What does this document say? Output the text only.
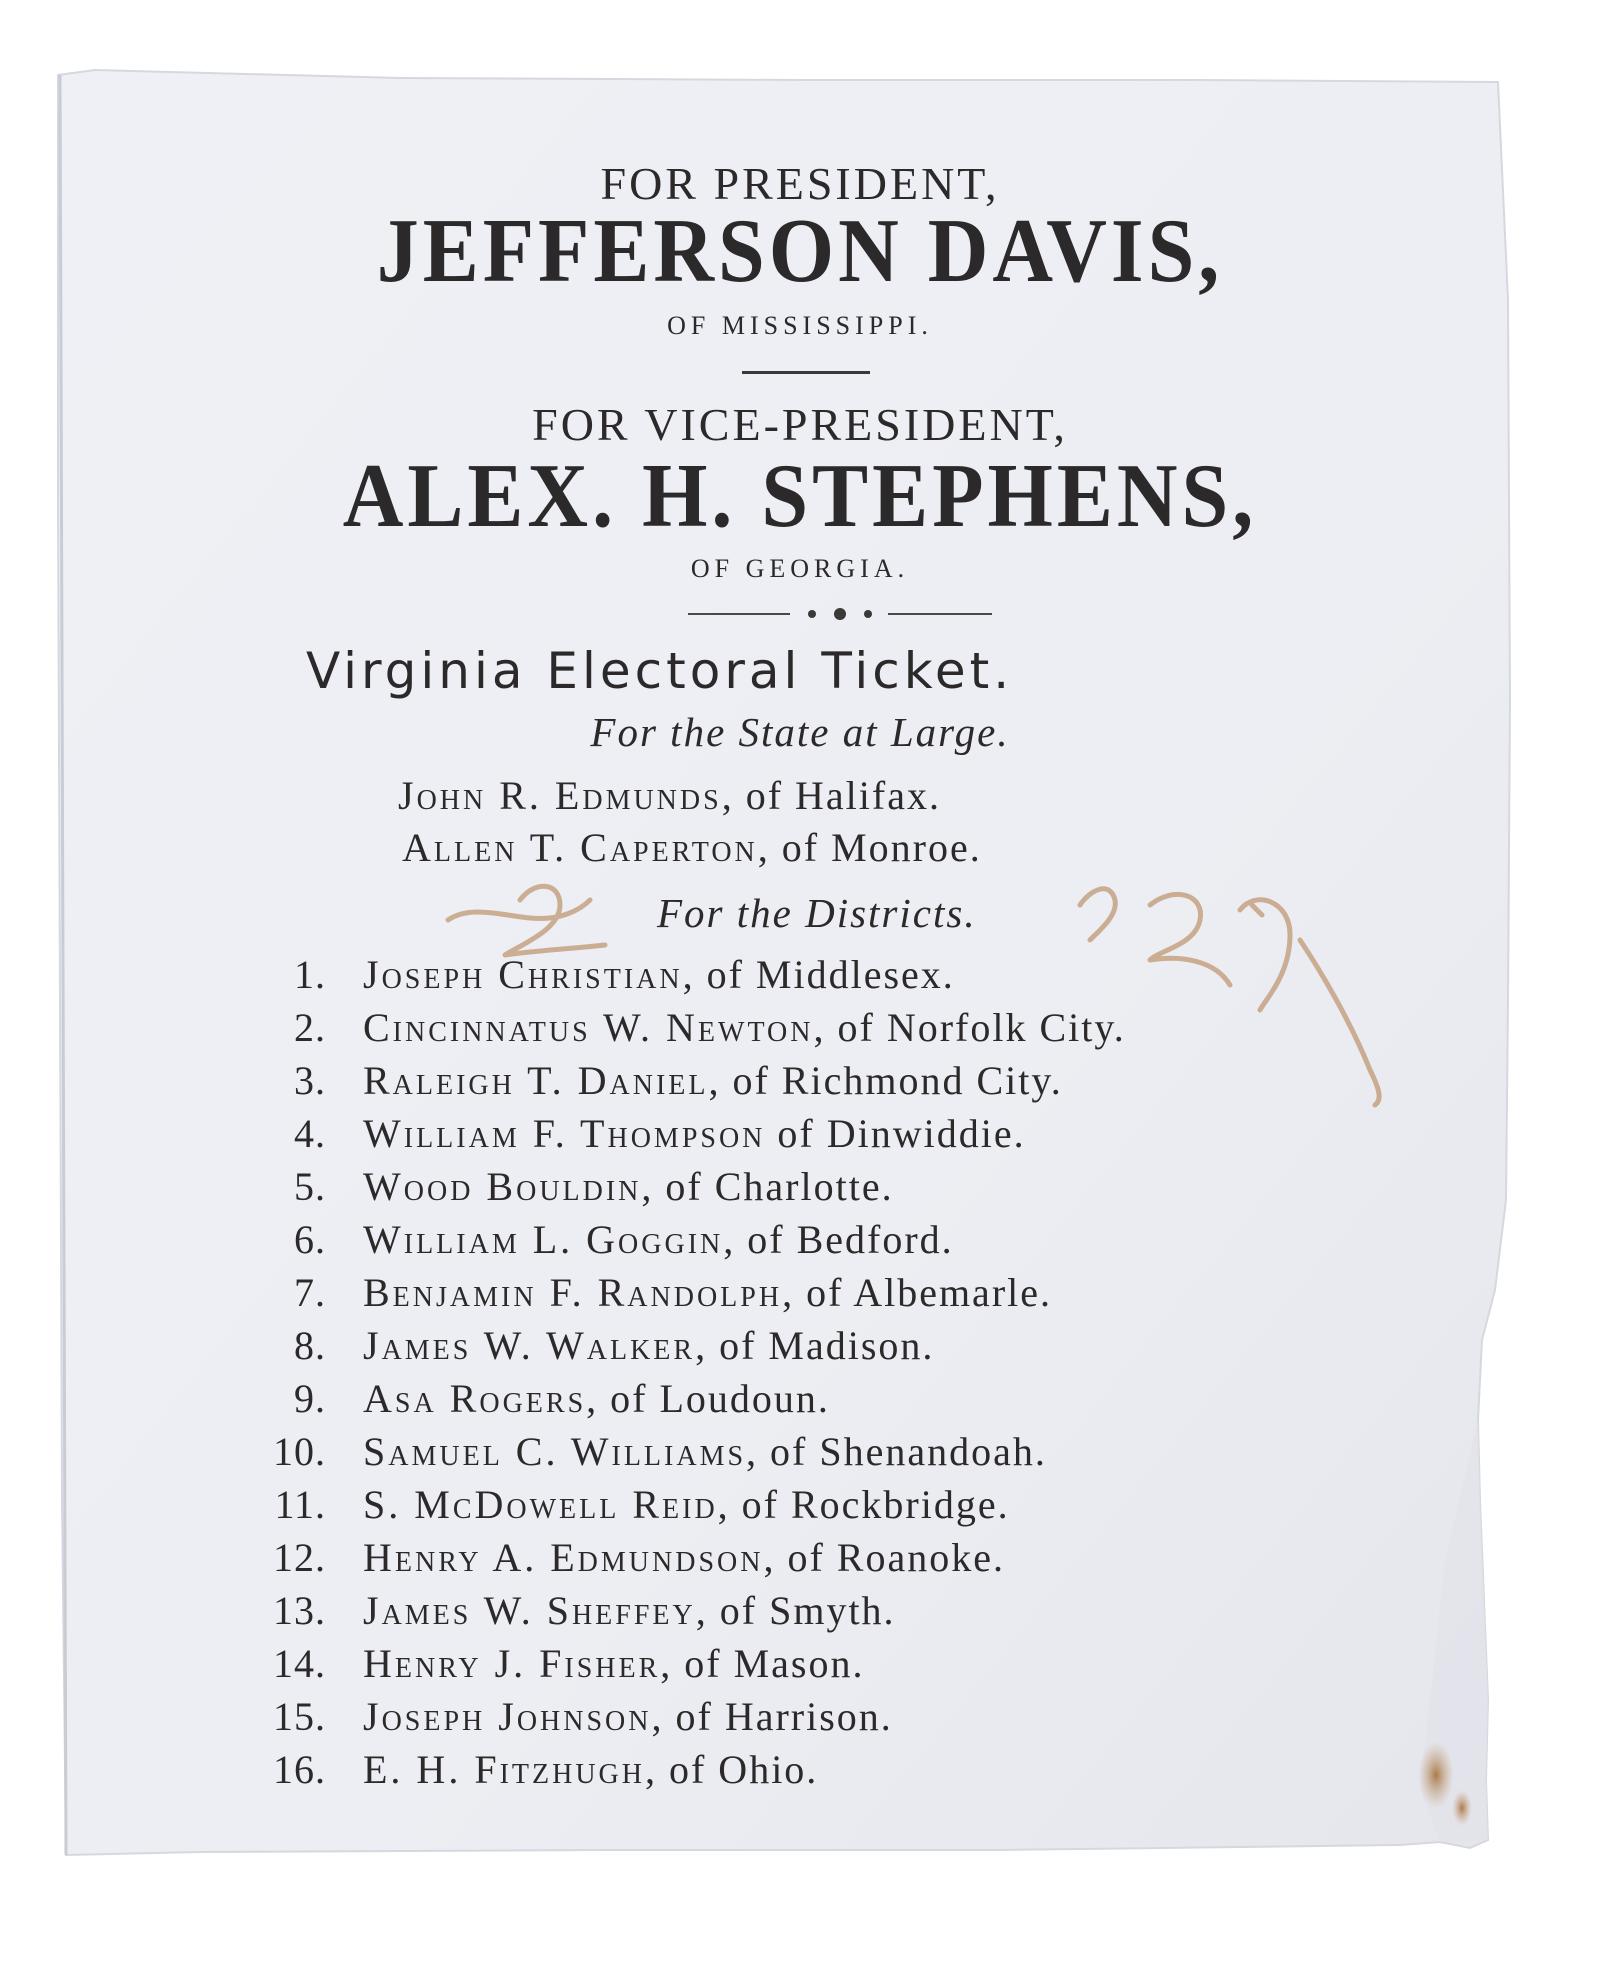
FOR PRESIDENT,
JEFFERSON DAVIS,
OF MISSISSIPPI.
FOR VICE-PRESIDENT,
ALEX. H. STEPHENS,
OF GEORGIA.
Virginia Electoral Ticket.
For the State at Large.
John R. Edmunds, of Halifax.
Allen T. Caperton, of Monroe.
For the Districts.
1. Joseph Christian, of Middlesex.
2. Cincinnatus W. Newton, of Norfolk City.
3. Raleigh T. Daniel, of Richmond City.
4. William F. Thompson of Dinwiddie.
5. Wood Bouldin, of Charlotte.
6. William L. Goggin, of Bedford.
7. Benjamin F. Randolph, of Albemarle.
8. James W. Walker, of Madison.
9. Asa Rogers, of Loudoun.
10. Samuel C. Williams, of Shenandoah.
11. S. McDowell Reid, of Rockbridge.
12. Henry A. Edmundson, of Roanoke.
13. James W. Sheffey, of Smyth.
14. Henry J. Fisher, of Mason.
15. Joseph Johnson, of Harrison.
16. E. H. Fitzhugh, of Ohio.
